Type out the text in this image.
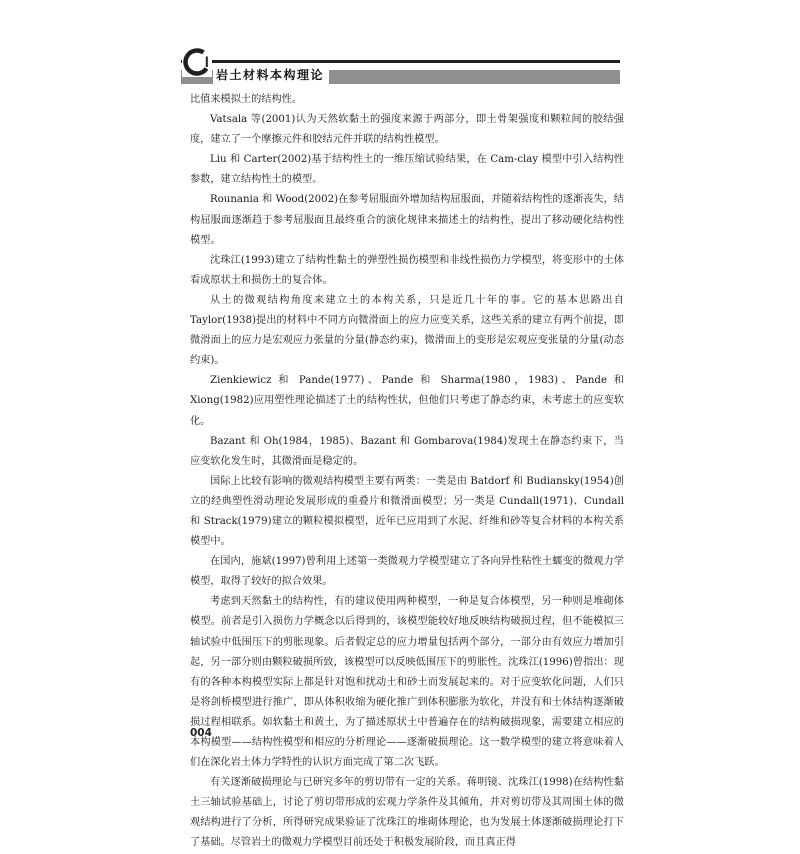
岩土材料本构理论

比值来模拟土的结构性。

Vatsala 等(2001)认为天然软黏土的强度来源于两部分，即土骨架强度和颗粒间的胶结强度，建立了一个摩擦元件和胶结元件并联的结构性模型。

Liu 和 Carter(2002)基于结构性土的一维压缩试验结果，在 Cam-clay 模型中引入结构性参数，建立结构性土的模型。

Rounania 和 Wood(2002)在参考屈服面外增加结构屈服面，并随着结构性的逐渐丧失，结构屈服面逐渐趋于参考屈服面且最终重合的演化规律来描述土的结构性，提出了移动硬化结构性模型。

沈珠江(1993)建立了结构性黏土的弹塑性损伤模型和非线性损伤力学模型，将变形中的土体看成原状土和损伤土的复合体。

从土的微观结构角度来建立土的本构关系，只是近几十年的事。它的基本思路出自 Taylor(1938)提出的材料中不同方向微滑面上的应力应变关系，这些关系的建立有两个前提，即微滑面上的应力是宏观应力张量的分量(静态约束)，微滑面上的变形是宏观应变张量的分量(动态约束)。

Zienkiewicz 和 Pande(1977)、Pande 和 Sharma(1980，1983)、Pande 和 Xiong(1982)应用塑性理论描述了土的结构性状，但他们只考虑了静态约束，未考虑土的应变软化。

Bazant 和 Oh(1984，1985)、Bazant 和 Gombarova(1984)发现土在静态约束下，当应变软化发生时，其微滑面是稳定的。

国际上比较有影响的微观结构模型主要有两类：一类是由 Batdorf 和 Budiansky(1954)创立的经典塑性滑动理论发展形成的重叠片和微滑面模型；另一类是 Cundall(1971)、Cundall 和 Strack(1979)建立的颗粒模拟模型，近年已应用到了水泥、纤维和砂等复合材料的本构关系模型中。

在国内，施斌(1997)曾利用上述第一类微观力学模型建立了各向异性粘性土蠕变的微观力学模型，取得了较好的拟合效果。

考虑到天然黏土的结构性，有的建议使用两种模型，一种是复合体模型，另一种则是堆砌体模型。前者是引入损伤力学概念以后得到的，该模型能较好地反映结构破损过程，但不能模拟三轴试验中低围压下的剪胀现象。后者假定总的应力增量包括两个部分，一部分由有效应力增加引起，另一部分则由颗粒破损所致，该模型可以反映低围压下的剪胀性。沈珠江(1996)曾指出：现有的各种本构模型实际上都是针对饱和扰动土和砂土而发展起来的。对于应变软化问题，人们只是将剑桥模型进行推广，即从体积收缩为硬化推广到体积膨胀为软化，并没有和土体结构逐渐破损过程相联系。如软黏土和黄土，为了描述原状土中普遍存在的结构破损现象，需要建立相应的本构模型——结构性模型和相应的分析理论——逐渐破损理论。这一数学模型的建立将意味着人们在深化岩土体力学特性的认识方面完成了第二次飞跃。

有关逐渐破损理论与已研究多年的剪切带有一定的关系。蒋明镜、沈珠江(1998)在结构性黏土三轴试验基础上，讨论了剪切带形成的宏观力学条件及其倾角，并对剪切带及其周围土体的微观结构进行了分析，所得研究成果验证了沈珠江的堆砌体理论，也为发展土体逐渐破损理论打下了基础。尽管岩土的微观力学模型目前还处于积极发展阶段，而且真正得

004
